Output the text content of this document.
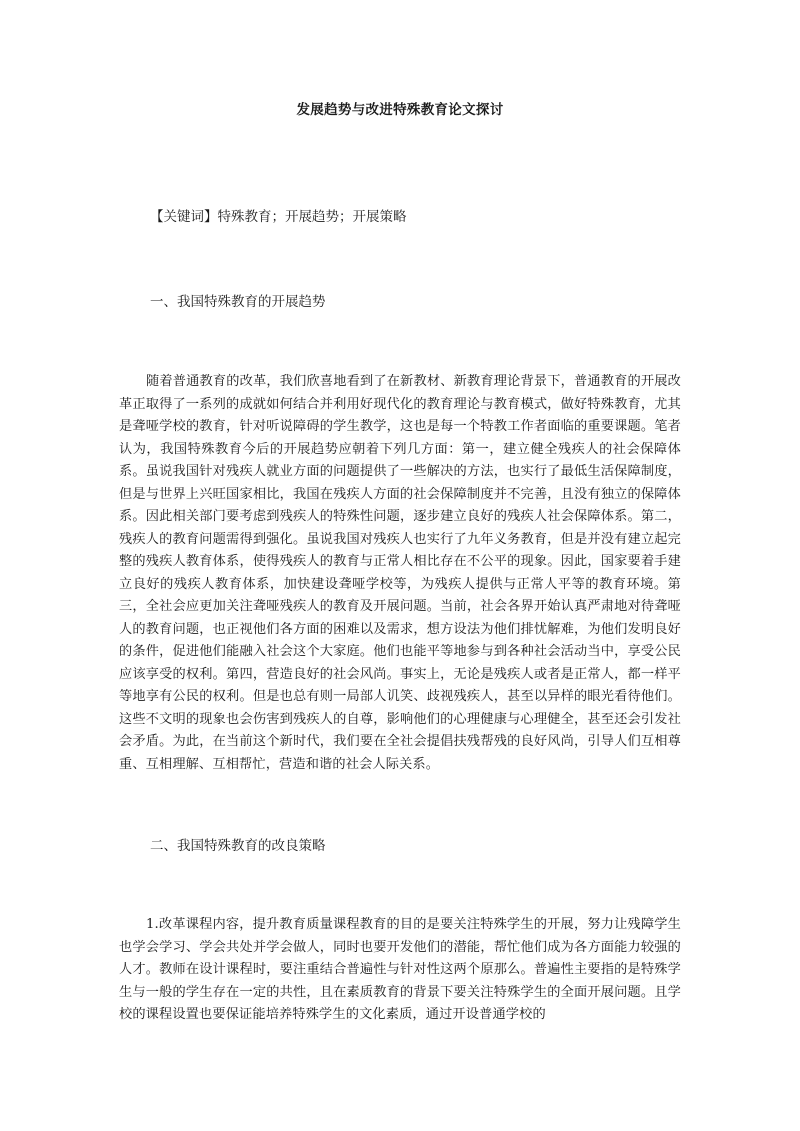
发展趋势与改进特殊教育论文探讨
【关键词】特殊教育；开展趋势；开展策略
一、我国特殊教育的开展趋势

随着普通教育的改革，我们欣喜地看到了在新教材、新教育理论背景下，普通教育的开展改革正取得了一系列的成就如何结合并利用好现代化的教育理论与教育模式，做好特殊教育，尤其是聋哑学校的教育，针对听说障碍的学生教学，这也是每一个特教工作者面临的重要课题。笔者认为，我国特殊教育今后的开展趋势应朝着下列几方面：第一，建立健全残疾人的社会保障体系。虽说我国针对残疾人就业方面的问题提供了一些解决的方法，也实行了最低生活保障制度，但是与世界上兴旺国家相比，我国在残疾人方面的社会保障制度并不完善，且没有独立的保障体系。因此相关部门要考虑到残疾人的特殊性问题，逐步建立良好的残疾人社会保障体系。第二，残疾人的教育问题需得到强化。虽说我国对残疾人也实行了九年义务教育，但是并没有建立起完整的残疾人教育体系，使得残疾人的教育与正常人相比存在不公平的现象。因此，国家要着手建立良好的残疾人教育体系，加快建设聋哑学校等，为残疾人提供与正常人平等的教育环境。第三，全社会应更加关注聋哑残疾人的教育及开展问题。当前，社会各界开始认真严肃地对待聋哑人的教育问题，也正视他们各方面的困难以及需求，想方设法为他们排忧解难，为他们发明良好的条件，促进他们能融入社会这个大家庭。他们也能平等地参与到各种社会活动当中，享受公民应该享受的权利。第四，营造良好的社会风尚。事实上，无论是残疾人或者是正常人，都一样平等地享有公民的权利。但是也总有则一局部人讥笑、歧视残疾人，甚至以异样的眼光看待他们。这些不文明的现象也会伤害到残疾人的自尊，影响他们的心理健康与心理健全，甚至还会引发社会矛盾。为此，在当前这个新时代，我们要在全社会提倡扶残帮残的良好风尚，引导人们互相尊重、互相理解、互相帮忙，营造和谐的社会人际关系。

二、我国特殊教育的改良策略

1.改革课程内容，提升教育质量课程教育的目的是要关注特殊学生的开展，努力让残障学生也学会学习、学会共处并学会做人，同时也要开发他们的潜能，帮忙他们成为各方面能力较强的人才。教师在设计课程时，要注重结合普遍性与针对性这两个原那么。普遍性主要指的是特殊学生与一般的学生存在一定的共性，且在素质教育的背景下要关注特殊学生的全面开展问题。且学校的课程设置也要保证能培养特殊学生的文化素质，通过开设普通学校的
